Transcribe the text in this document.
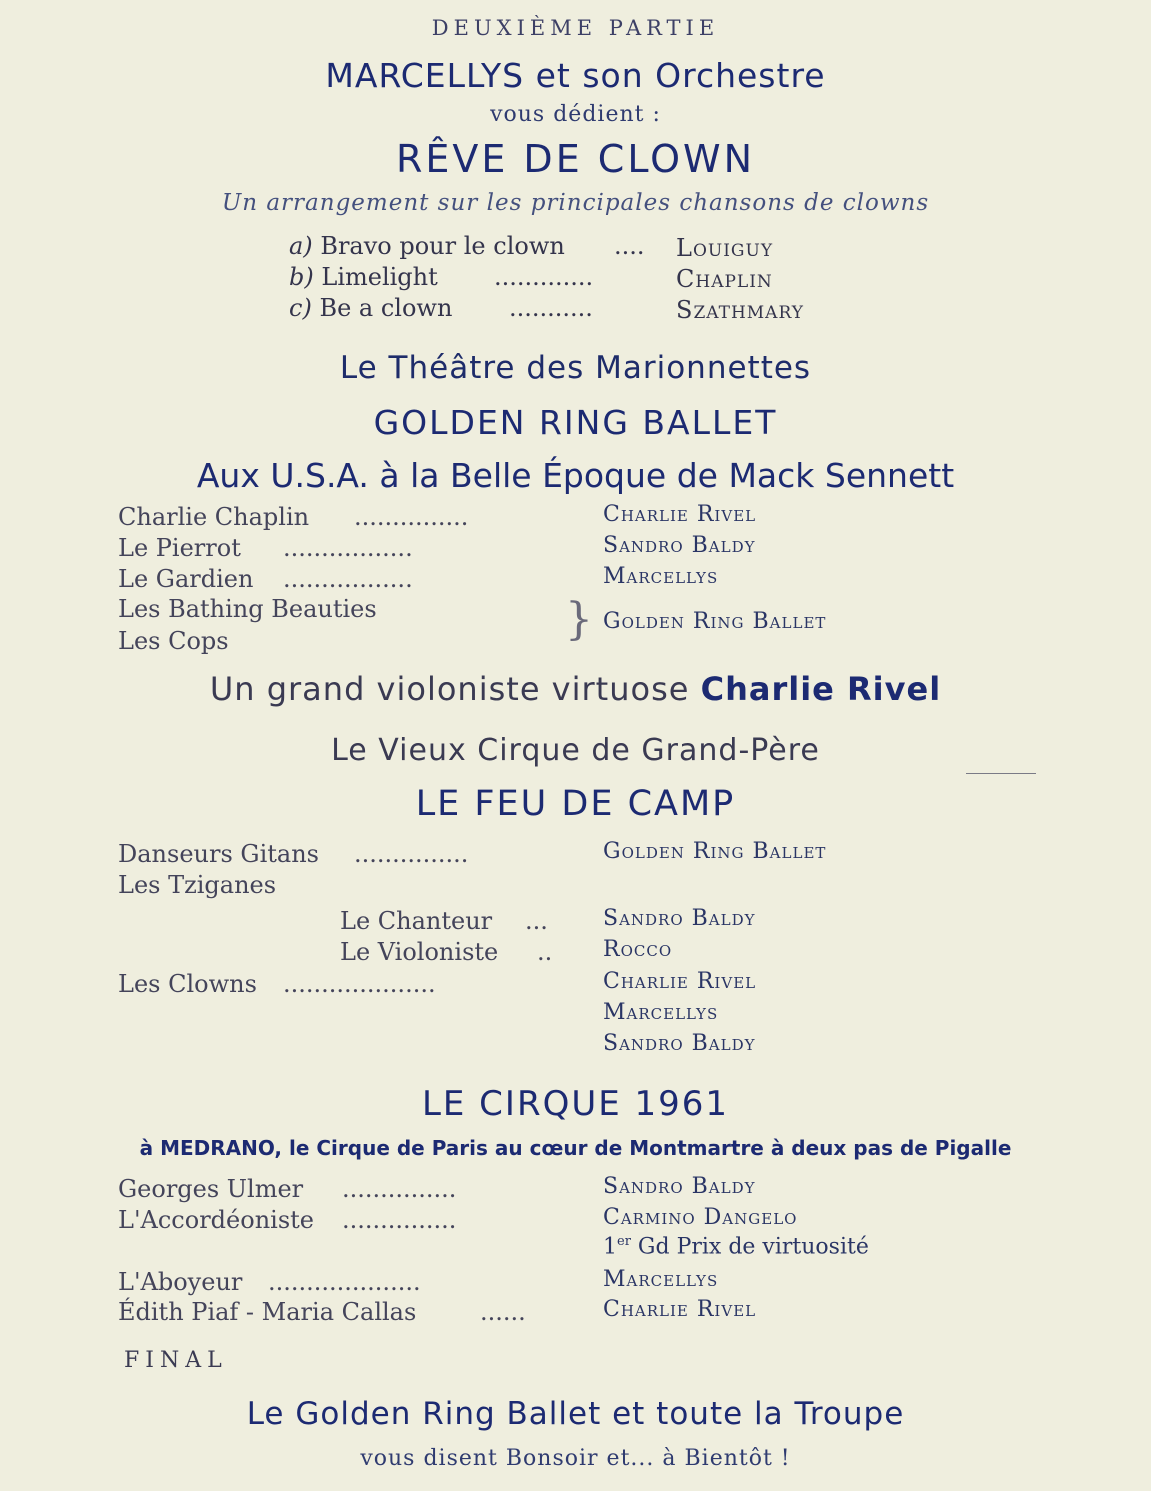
DEUXIÈME PARTIE
MARCELLYS et son Orchestre
vous dédient :
RÊVE DE CLOWN
Un arrangement sur les principales chansons de clowns
a) Bravo pour le clown .... Louiguy
b) Limelight .............	Chaplin
c) Be a clown ...........	Szathmary
Le Théâtre des Marionnettes
GOLDEN RING BALLET
Aux U.S.A. à la Belle Époque de Mack Sennett
Charlie Chaplin ...............	Charlie Rivel
Le Pierrot .................	Sandro Baldy
Le Gardien .................	Marcellys
Les Bathing Beauties
Les Cops	} Golden Ring Ballet
Un grand violoniste virtuose Charlie Rivel
Le Vieux Cirque de Grand-Père
LE FEU DE CAMP
Danseurs Gitans ...............	Golden Ring Ballet
Les Tziganes
Le Chanteur ...	Sandro Baldy
Le Violoniste .. Rocco
Les Clowns ....................	Charlie Rivel
Marcellys
Sandro Baldy
LE CIRQUE 1961
à MEDRANO, le Cirque de Paris au cœur de Montmartre à deux pas de Pigalle
Georges Ulmer ...............	Sandro Baldy
L'Accordéoniste ...............	Carmino Dangelo
1er Gd Prix de virtuosité
L'Aboyeur ....................	Marcellys
Édith Piaf - Maria Callas	......	Charlie Rivel
FINAL
Le Golden Ring Ballet et toute la Troupe
vous disent Bonsoir et... à Bientôt !
